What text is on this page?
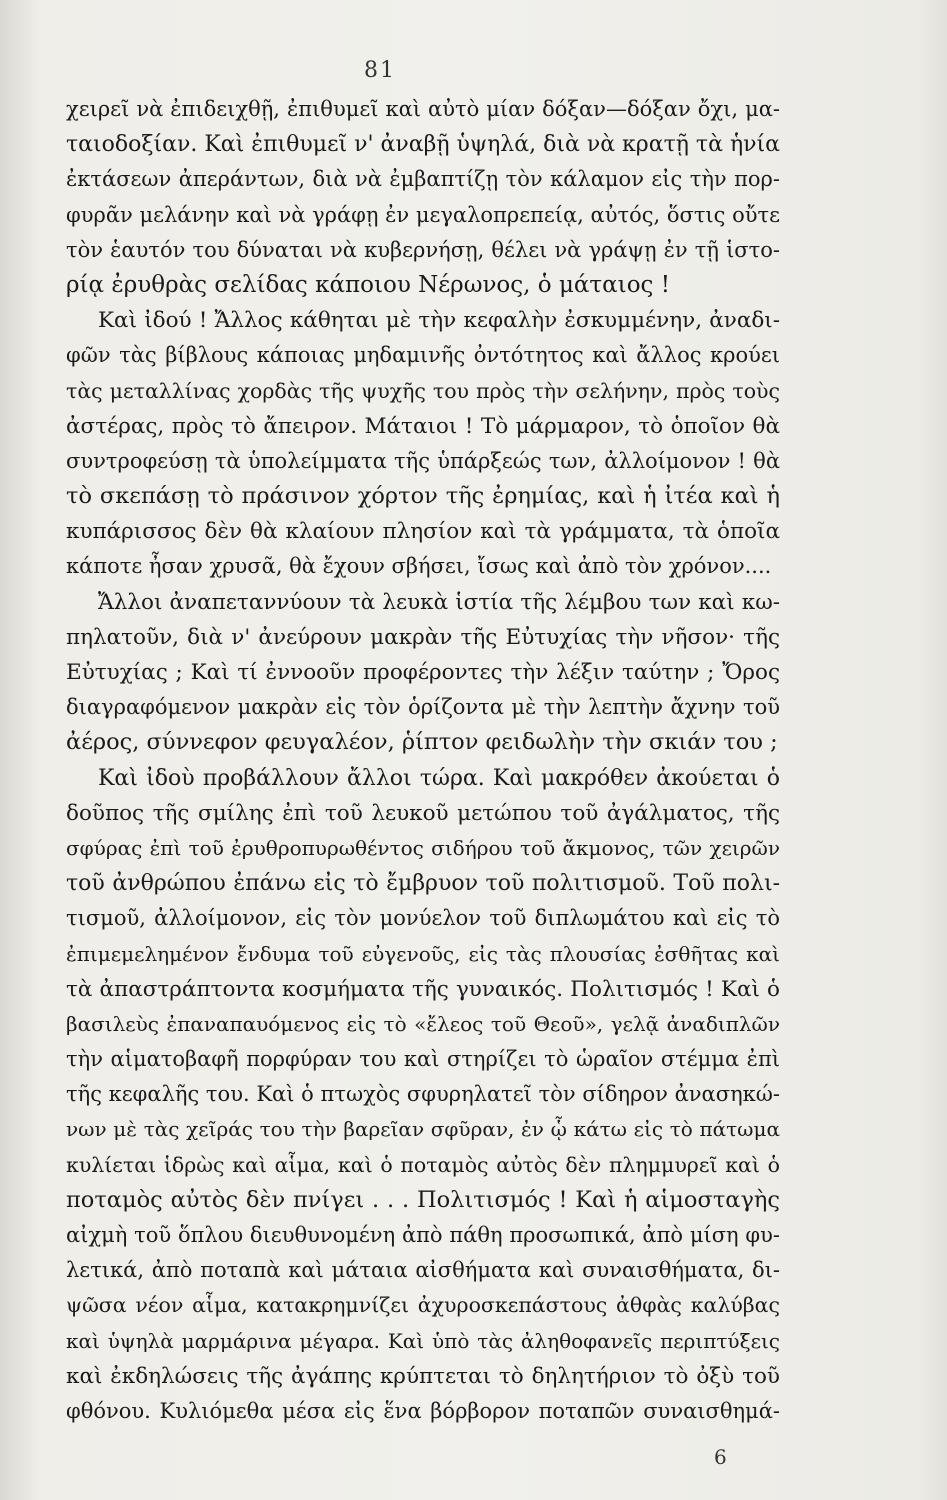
81
χειρεῖ νὰ ἐπιδειχθῇ, ἐπιθυμεῖ καὶ αὐτὸ μίαν δόξαν—δόξαν ὄχι, μα-
ταιοδοξίαν. Καὶ ἐπιθυμεῖ ν' ἀναβῇ ὑψηλά, διὰ νὰ κρατῇ τὰ ἡνία
ἐκτάσεων ἀπεράντων, διὰ νὰ ἐμβαπτίζῃ τὸν κάλαμον εἰς τὴν πορ-
φυρᾶν μελάνην καὶ νὰ γράφῃ ἐν μεγαλοπρεπείᾳ, αὐτός, ὅστις οὔτε
τὸν ἑαυτόν του δύναται νὰ κυβερνήσῃ, θέλει νὰ γράψῃ ἐν τῇ ἱστο-
ρίᾳ ἐρυθρὰς σελίδας κάποιου Νέρωνος, ὁ μάταιος !
Καὶ ἰδού ! Ἄλλος κάθηται μὲ τὴν κεφαλὴν ἐσκυμμένην, ἀναδι-
φῶν τὰς βίβλους κάποιας μηδαμινῆς ὀντότητος καὶ ἄλλος κρούει
τὰς μεταλλίνας χορδὰς τῆς ψυχῆς του πρὸς τὴν σελήνην, πρὸς τοὺς
ἀστέρας, πρὸς τὸ ἄπειρον. Μάταιοι ! Τὸ μάρμαρον, τὸ ὁποῖον θὰ
συντροφεύσῃ τὰ ὑπολείμματα τῆς ὑπάρξεώς των, ἀλλοίμονον ! θὰ
τὸ σκεπάσῃ τὸ πράσινον χόρτον τῆς ἐρημίας, καὶ ἡ ἰτέα καὶ ἡ
κυπάρισσος δὲν θὰ κλαίουν πλησίον καὶ τὰ γράμματα, τὰ ὁποῖα
κάποτε ἦσαν χρυσᾶ, θὰ ἔχουν σβήσει, ἴσως καὶ ἀπὸ τὸν χρόνον....
Ἄλλοι ἀναπεταννύουν τὰ λευκὰ ἱστία τῆς λέμβου των καὶ κω-
πηλατοῦν, διὰ ν' ἀνεύρουν μακρὰν τῆς Εὐτυχίας τὴν νῆσον· τῆς
Εὐτυχίας ; Καὶ τί ἐννοοῦν προφέροντες τὴν λέξιν ταύτην ; Ὄρος
διαγραφόμενον μακρὰν εἰς τὸν ὁρίζοντα μὲ τὴν λεπτὴν ἄχνην τοῦ
ἀέρος, σύννεφον φευγαλέον, ῥίπτον φειδωλὴν τὴν σκιάν του ;
Καὶ ἰδοὺ προβάλλουν ἄλλοι τώρα. Καὶ μακρόθεν ἀκούεται ὁ
δοῦπος τῆς σμίλης ἐπὶ τοῦ λευκοῦ μετώπου τοῦ ἀγάλματος, τῆς
σφύρας ἐπὶ τοῦ ἐρυθροπυρωθέντος σιδήρου τοῦ ἄκμονος, τῶν χειρῶν
τοῦ ἀνθρώπου ἐπάνω εἰς τὸ ἔμβρυον τοῦ πολιτισμοῦ. Τοῦ πολι-
τισμοῦ, ἀλλοίμονον, εἰς τὸν μονύελον τοῦ διπλωμάτου καὶ εἰς τὸ
ἐπιμεμελημένον ἔνδυμα τοῦ εὐγενοῦς, εἰς τὰς πλουσίας ἐσθῆτας καὶ
τὰ ἀπαστράπτοντα κοσμήματα τῆς γυναικός. Πολιτισμός ! Καὶ ὁ
βασιλεὺς ἐπαναπαυόμενος εἰς τὸ «ἔλεος τοῦ Θεοῦ», γελᾷ ἀναδιπλῶν
τὴν αἱματοβαφῆ πορφύραν του καὶ στηρίζει τὸ ὡραῖον στέμμα ἐπὶ
τῆς κεφαλῆς του. Καὶ ὁ πτωχὸς σφυρηλατεῖ τὸν σίδηρον ἀνασηκώ-
νων μὲ τὰς χεῖράς του τὴν βαρεῖαν σφῦραν, ἐν ᾧ κάτω εἰς τὸ πάτωμα
κυλίεται ἱδρὼς καὶ αἷμα, καὶ ὁ ποταμὸς αὐτὸς δὲν πλημμυρεῖ καὶ ὁ
ποταμὸς αὐτὸς δὲν πνίγει . . . Πολιτισμός ! Καὶ ἡ αἱμοσταγὴς
αἰχμὴ τοῦ ὅπλου διευθυνομένη ἀπὸ πάθη προσωπικά, ἀπὸ μίση φυ-
λετικά, ἀπὸ ποταπὰ καὶ μάταια αἰσθήματα καὶ συναισθήματα, δι-
ψῶσα νέον αἷμα, κατακρημνίζει ἀχυροσκεπάστους ἀθφὰς καλύβας
καὶ ὑψηλὰ μαρμάρινα μέγαρα. Καὶ ὑπὸ τὰς ἀληθοφανεῖς περιπτύξεις
καὶ ἐκδηλώσεις τῆς ἀγάπης κρύπτεται τὸ δηλητήριον τὸ ὀξὺ τοῦ
φθόνου. Κυλιόμεθα μέσα εἰς ἕνα βόρβορον ποταπῶν συναισθημά-
6
